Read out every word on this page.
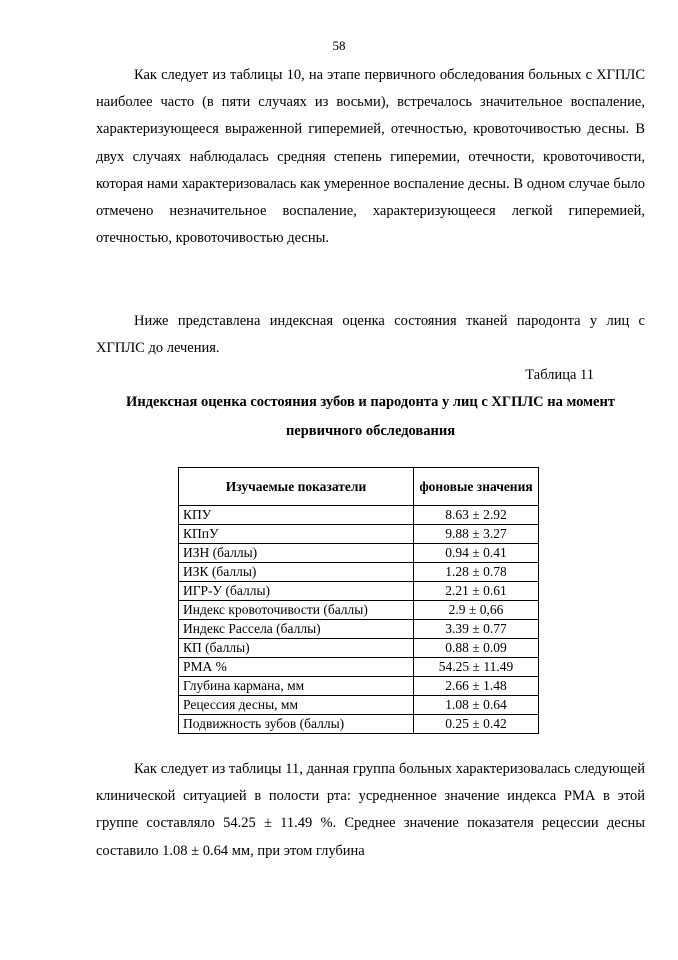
58

Как следует из таблицы 10, на этапе первичного обследования больных с ХГПЛС наиболее часто (в пяти случаях из восьми), встречалось значительное воспаление, характеризующееся выраженной гиперемией, отечностью, кровоточивостью десны. В двух случаях наблюдалась средняя степень гиперемии, отечности, кровоточивости, которая нами характеризовалась как умеренное воспаление десны. В одном случае было отмечено незначительное воспаление, характеризующееся легкой гиперемией, отечностью, кровоточивостью десны.

Ниже представлена индексная оценка состояния тканей пародонта у лиц с ХГПЛС до лечения.

Таблица 11
Индексная оценка состояния зубов и пародонта у лиц с ХГПЛС на момент первичного обследования
Изучаемые показатели	фоновые значения
КПУ	8.63 ± 2.92
КПпУ	9.88 ± 3.27
ИЗН (баллы)	0.94 ± 0.41
ИЗК (баллы)	1.28 ± 0.78
ИГР-У (баллы)	2.21 ± 0.61
Индекс кровоточивости (баллы)	2.9 ± 0,66
Индекс Рассела (баллы)	3.39 ± 0.77
КП (баллы)	0.88 ± 0.09
РМА %	54.25 ± 11.49
Глубина кармана, мм	2.66 ± 1.48
Рецессия десны, мм	1.08 ± 0.64
Подвижность зубов (баллы)	0.25 ± 0.42

Как следует из таблицы 11, данная группа больных характеризовалась следующей клинической ситуацией в полости рта: усредненное значение индекса РМА в этой группе составляло 54.25 ± 11.49 %. Среднее значение показателя рецессии десны составило 1.08 ± 0.64 мм, при этом глубина
